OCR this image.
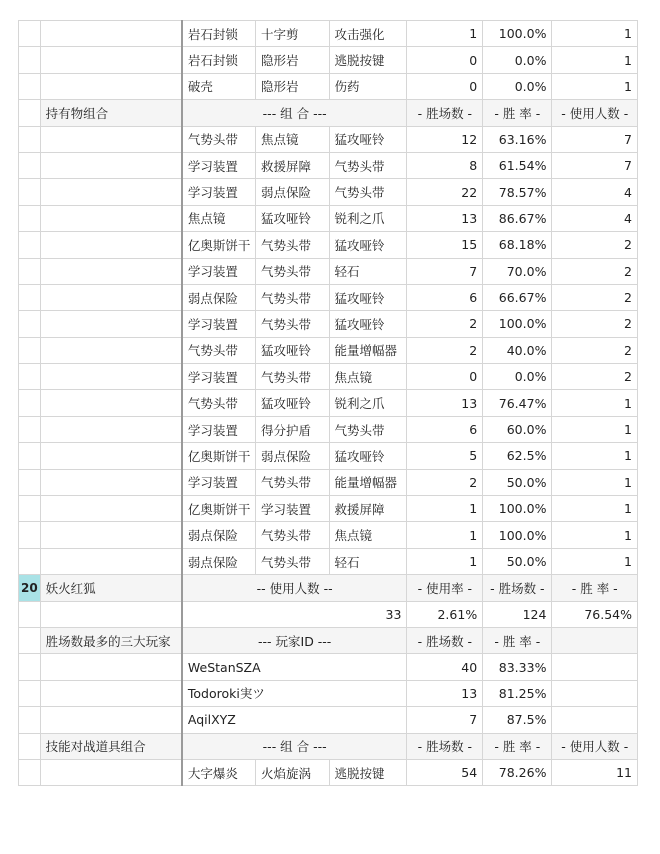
		岩石封锁	十字剪	攻击强化	1	100.0%	1
		岩石封锁	隐形岩	逃脱按键	0	0.0%	1
		破壳	隐形岩	伤药	0	0.0%	1
	持有物组合	--- 组 合 ---			- 胜场数 -	- 胜 率 -	- 使用人数 -
		气势头带	焦点镜	猛攻哑铃	12	63.16%	7
		学习装置	救援屏障	气势头带	8	61.54%	7
		学习装置	弱点保险	气势头带	22	78.57%	4
		焦点镜	猛攻哑铃	锐利之爪	13	86.67%	4
		亿奥斯饼干	气势头带	猛攻哑铃	15	68.18%	2
		学习装置	气势头带	轻石	7	70.0%	2
		弱点保险	气势头带	猛攻哑铃	6	66.67%	2
		学习装置	气势头带	猛攻哑铃	2	100.0%	2
		气势头带	猛攻哑铃	能量增幅器	2	40.0%	2
		学习装置	气势头带	焦点镜	0	0.0%	2
		气势头带	猛攻哑铃	锐利之爪	13	76.47%	1
		学习装置	得分护盾	气势头带	6	60.0%	1
		亿奥斯饼干	弱点保险	猛攻哑铃	5	62.5%	1
		学习装置	气势头带	能量增幅器	2	50.0%	1
		亿奥斯饼干	学习装置	救援屏障	1	100.0%	1
		弱点保险	气势头带	焦点镜	1	100.0%	1
		弱点保险	气势头带	轻石	1	50.0%	1
20	妖火红狐	-- 使用人数 --			- 使用率 -	- 胜场数 -	- 胜 率 -
		33			2.61%	124	76.54%
	胜场数最多的三大玩家	--- 玩家ID ---			- 胜场数 -	- 胜 率 -	
		WeStanSZA			40	83.33%	
		Todoroki実ツ			13	81.25%	
		AqilXYZ			7	87.5%	
	技能对战道具组合	--- 组 合 ---			- 胜场数 -	- 胜 率 -	- 使用人数 -
		大字爆炎	火焰旋涡	逃脱按键	54	78.26%	11
